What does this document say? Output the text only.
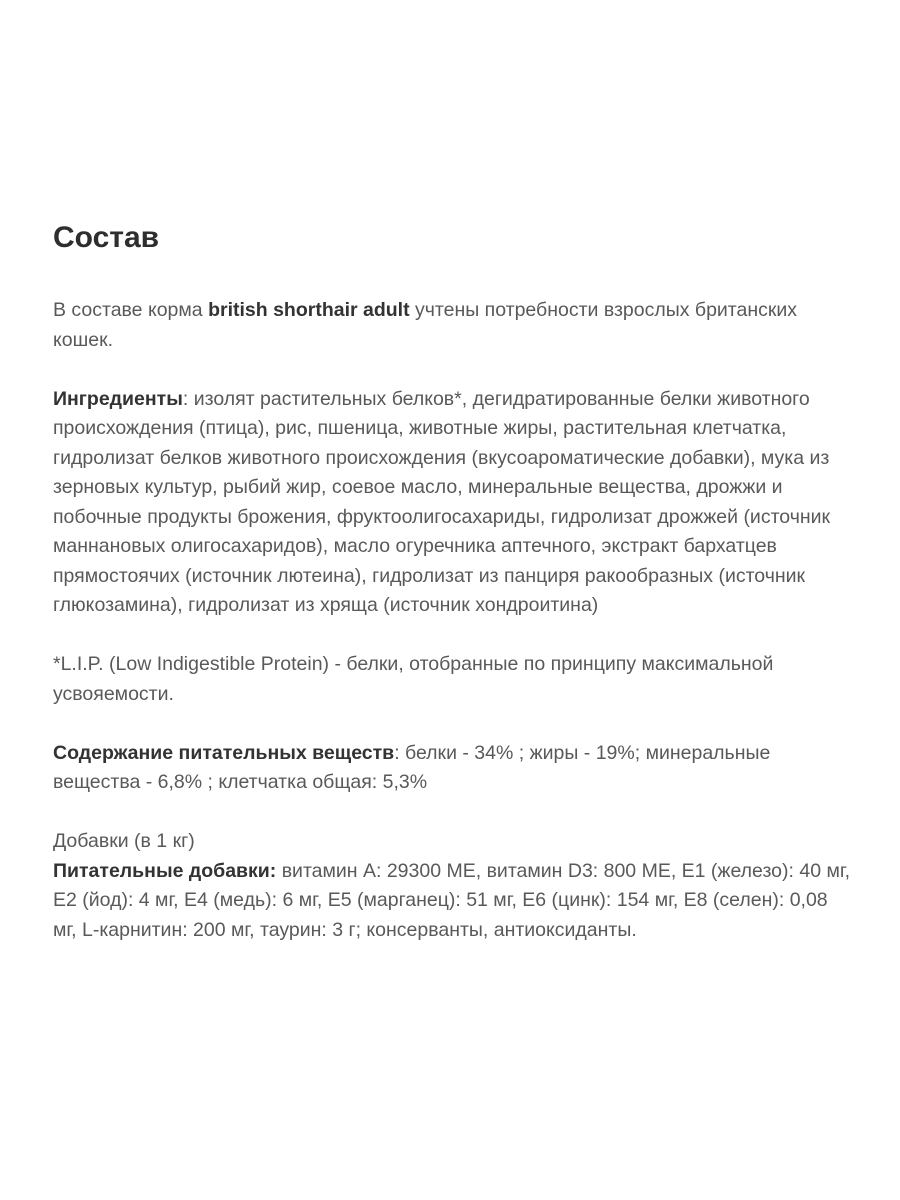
Состав

В составе корма british shorthair adult учтены потребности взрослых британских кошек.

Ингредиенты: изолят растительных белков*, дегидратированные белки животного происхождения (птица), рис, пшеница, животные жиры, растительная клетчатка, гидролизат белков животного происхождения (вкусоароматические добавки), мука из зерновых культур, рыбий жир, соевое масло, минеральные вещества, дрожжи и побочные продукты брожения, фруктоолигосахариды, гидролизат дрожжей (источник маннановых олигосахаридов), масло огуречника аптечного, экстракт бархатцев прямостоячих (источник лютеина), гидролизат из панциря ракообразных (источник глюкозамина), гидролизат из хряща (источник хондроитина)

*L.I.P. (Low Indigestible Protein) - белки, отобранные по принципу максимальной усвояемости.

Содержание питательных веществ: белки - 34% ; жиры - 19%; минеральные вещества - 6,8% ; клетчатка общая: 5,3%

Добавки (в 1 кг)

Питательные добавки: витамин А: 29300 МЕ, витамин D3: 800 МЕ, Е1 (железо): 40 мг, Е2 (йод): 4 мг, Е4 (медь): 6 мг, Е5 (марганец): 51 мг, Е6 (цинк): 154 мг, Е8 (селен): 0,08 мг, L-карнитин: 200 мг, таурин: 3 г; консерванты, антиоксиданты.
